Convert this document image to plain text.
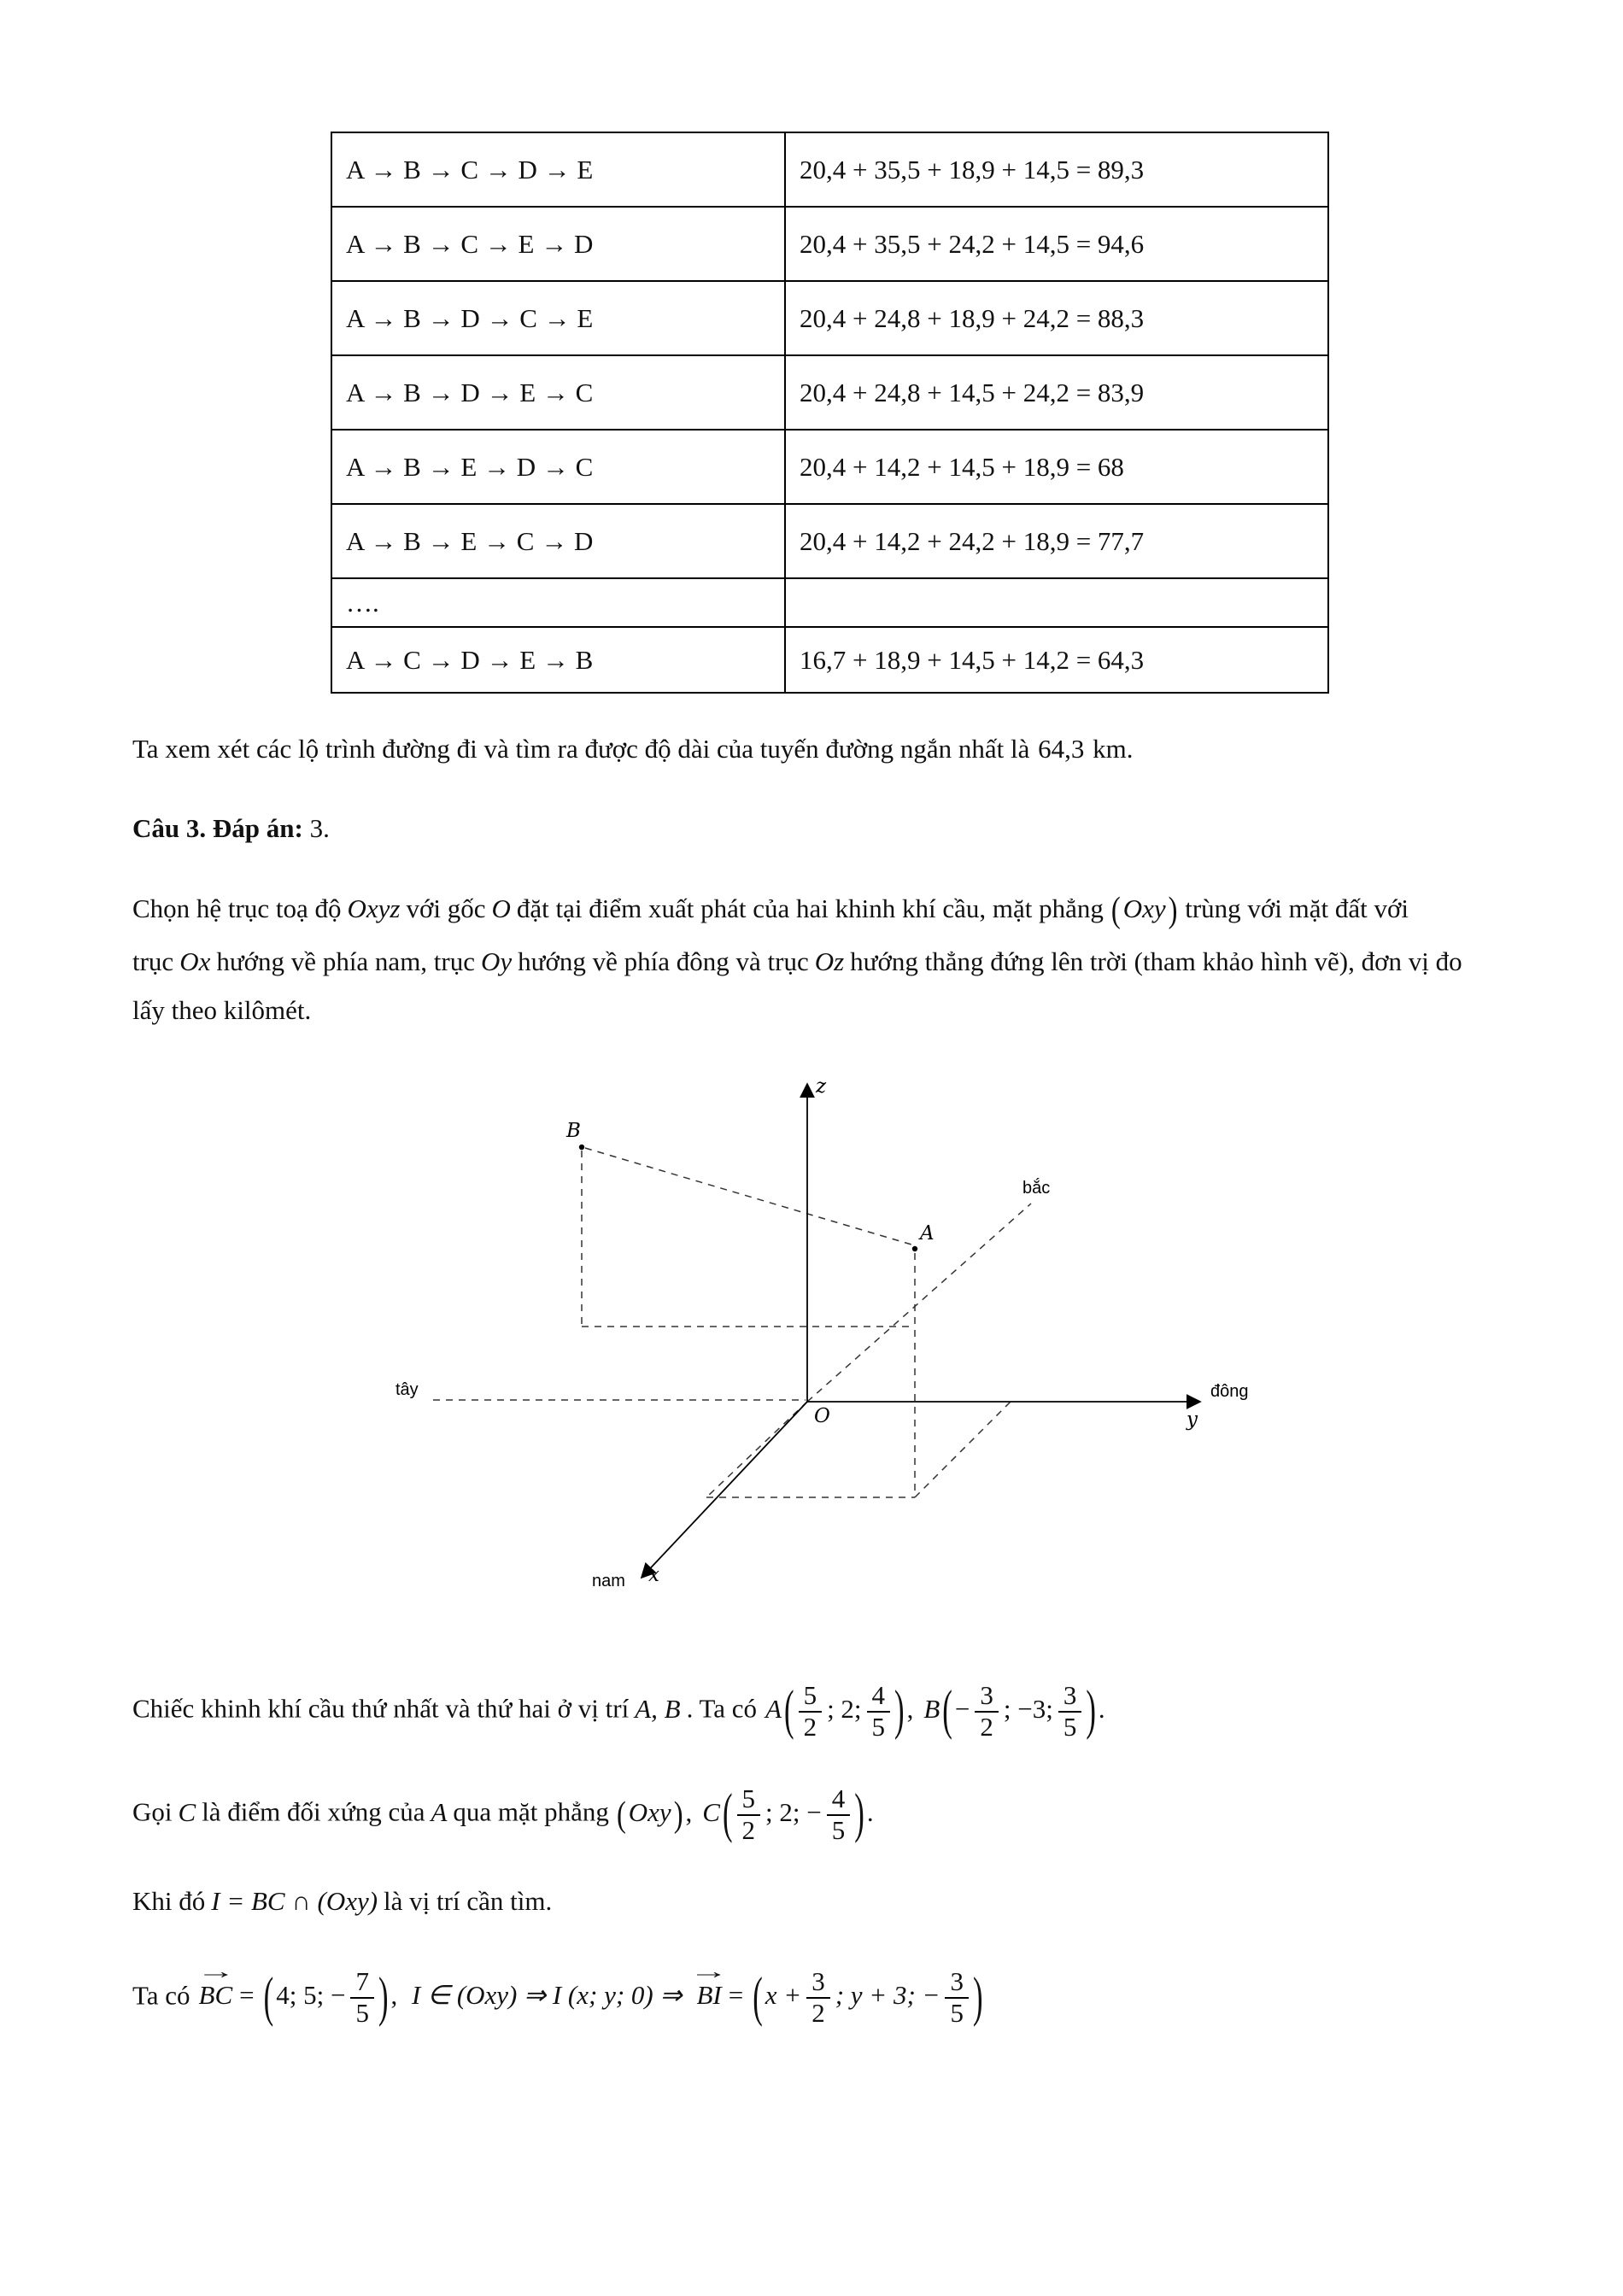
A → B → C → D → E	20,4 + 35,5 + 18,9 + 14,5 = 89,3
A → B → C → E → D	20,4 + 35,5 + 24,2 + 14,5 = 94,6
A → B → D → C → E	20,4 + 24,8 + 18,9 + 24,2 = 88,3
A → B → D → E → C	20,4 + 24,8 + 14,5 + 24,2 = 83,9
A → B → E → D → C	20,4 + 14,2 + 14,5 + 18,9 = 68
A → B → E → C → D	20,4 + 14,2 + 24,2 + 18,9 = 77,7
….	
A → C → D → E → B	16,7 + 18,9 + 14,5 + 14,2 = 64,3

Ta xem xét các lộ trình đường đi và tìm ra được độ dài của tuyến đường ngắn nhất là 64,3 km.

Câu 3. Đáp án: 3.

Chọn hệ trục toạ độ Oxyz với gốc O đặt tại điểm xuất phát của hai khinh khí cầu, mặt phẳng (Oxy) trùng với mặt đất với trục Ox hướng về phía nam, trục Oy hướng về phía đông và trục Oz hướng thẳng đứng lên trời (tham khảo hình vẽ), đơn vị đo lấy theo kilômét.

z
y
x
O
A
B
bắc
đông
tây
nam

Chiếc khinh khí cầu thứ nhất và thứ hai ở vị trí A, B . Ta có $A( \frac{5}{2}$ ; 2; $\frac{4}{5}$ ), $B(- \frac{3}{2}$ ; −3; $\frac{3}{5}$ ).

Gọi C là điểm đối xứng của A qua mặt phẳng (Oxy), $C( \frac{5}{2}$ ; 2; − $\frac{4}{5}$ ).

Khi đó I = BC ∩ (Oxy) là vị trí cần tìm.

Ta có
→
BC = (4; 5; − $\frac{7}{5}$ ), I ∈ (Oxy) ⇒ I (x; y; 0) ⇒
→
BI = ($x + \frac{3}{2}$ ; y + 3; − $\frac{3}{5}$ )
